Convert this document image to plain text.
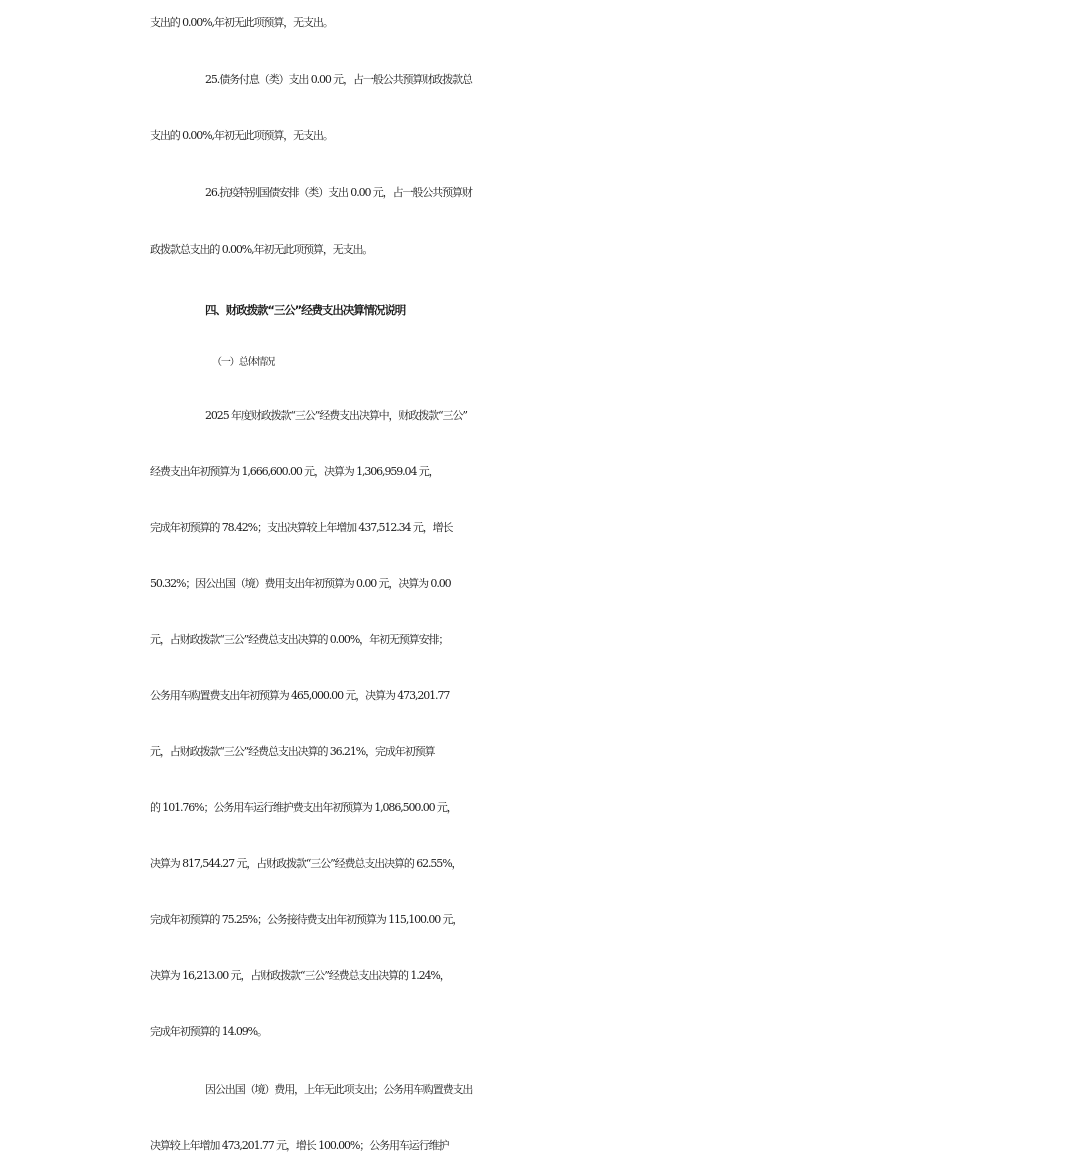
支出的 0.00%,年初无此项预算，无支出。
25.债务付息（类）支出 0.00 元，占一般公共预算财政拨款总
支出的 0.00%,年初无此项预算，无支出。
26.抗疫特别国债安排（类）支出 0.00 元，占一般公共预算财
政拨款总支出的 0.00%,年初无此项预算，无支出。
四、财政拨款“三公”经费支出决算情况说明
（一）总体情况
2025 年度财政拨款“三公”经费支出决算中，财政拨款“三公”
经费支出年初预算为 1,666,600.00 元，决算为 1,306,959.04 元，
完成年初预算的 78.42%；支出决算较上年增加 437,512.34 元，增长
50.32%；因公出国（境）费用支出年初预算为 0.00 元，决算为 0.00
元，占财政拨款“三公”经费总支出决算的 0.00%，年初无预算安排；
公务用车购置费支出年初预算为 465,000.00 元，决算为 473,201.77
元，占财政拨款“三公”经费总支出决算的 36.21%，完成年初预算
的 101.76%；公务用车运行维护费支出年初预算为 1,086,500.00 元，
决算为 817,544.27 元，占财政拨款“三公”经费总支出决算的 62.55%，
完成年初预算的 75.25%；公务接待费支出年初预算为 115,100.00 元，
决算为 16,213.00 元，占财政拨款“三公”经费总支出决算的 1.24%，
完成年初预算的 14.09%。
因公出国（境）费用，上年无此项支出；公务用车购置费支出
决算较上年增加 473,201.77 元，增长 100.00%；公务用车运行维护
